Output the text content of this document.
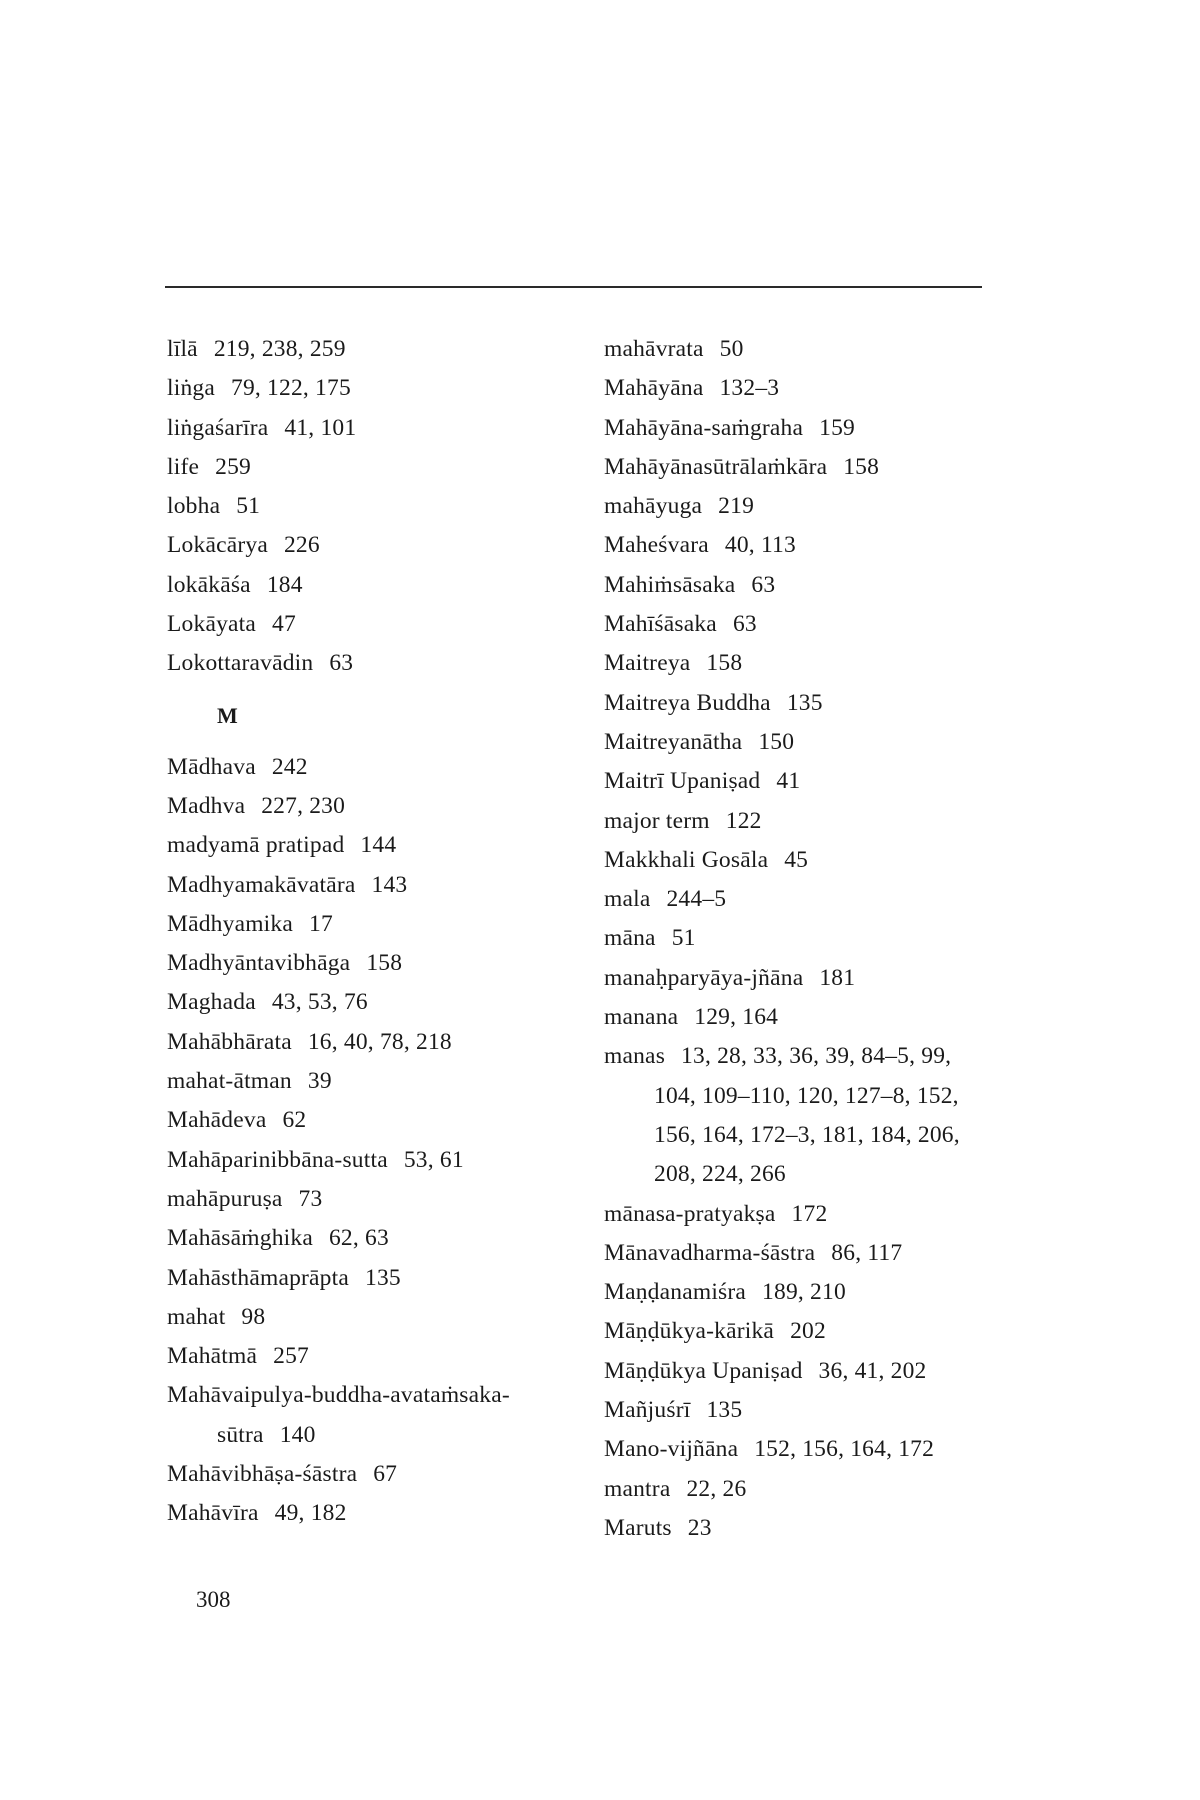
līlā 219, 238, 259
liṅga 79, 122, 175
liṅgaśarīra 41, 101
life 259
lobha 51
Lokācārya 226
lokākāśa 184
Lokāyata 47
Lokottaravādin 63
M
Mādhava 242
Madhva 227, 230
madyamā pratipad 144
Madhyamakāvatāra 143
Mādhyamika 17
Madhyāntavibhāga 158
Maghada 43, 53, 76
Mahābhārata 16, 40, 78, 218
mahat-ātman 39
Mahādeva 62
Mahāparinibbāna-sutta 53, 61
mahāpuruṣa 73
Mahāsāṁghika 62, 63
Mahāsthāmaprāpta 135
mahat 98
Mahātmā 257
Mahāvaipulya-buddha-avataṁsaka-
sūtra 140
Mahāvibhāṣa-śāstra 67
Mahāvīra 49, 182
mahāvrata 50
Mahāyāna 132–3
Mahāyāna-saṁgraha 159
Mahāyānasūtrālaṁkāra 158
mahāyuga 219
Maheśvara 40, 113
Mahiṁsāsaka 63
Mahīśāsaka 63
Maitreya 158
Maitreya Buddha 135
Maitreyanātha 150
Maitrī Upaniṣad 41
major term 122
Makkhali Gosāla 45
mala 244–5
māna 51
manaḥparyāya-jñāna 181
manana 129, 164
manas 13, 28, 33, 36, 39, 84–5, 99,
104, 109–110, 120, 127–8, 152,
156, 164, 172–3, 181, 184, 206,
208, 224, 266
mānasa-pratyakṣa 172
Mānavadharma-śāstra 86, 117
Maṇḍanamiśra 189, 210
Māṇḍūkya-kārikā 202
Māṇḍūkya Upaniṣad 36, 41, 202
Mañjuśrī 135
Mano-vijñāna 152, 156, 164, 172
mantra 22, 26
Maruts 23
308
